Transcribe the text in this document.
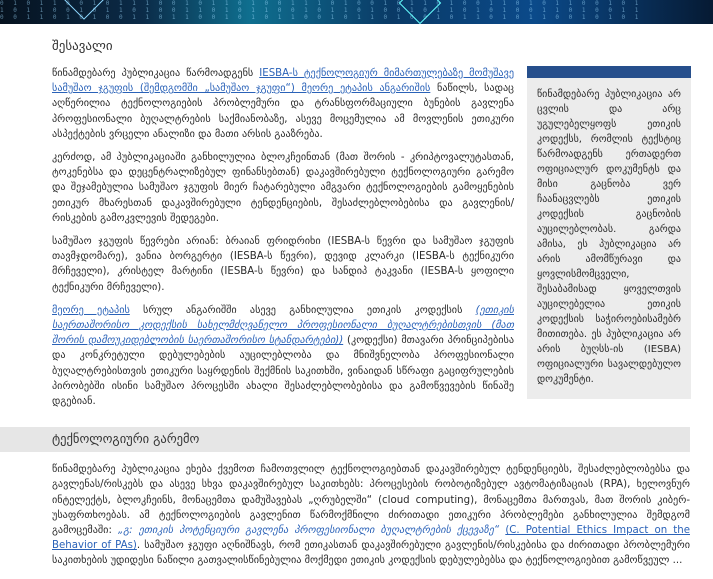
0 1 0 1 1 0 0 1 0 1 1 1 0 0 1 0 1 1 0 1 0 0 1 1 1 0 1 0 0 1 0 1 1 0 1 0 0 1 1 0 1 0 1 1 0 0 1 0 1
1 0 1 1 0 0 1 0 1 1 0 1 0 0 1 1 0 1 0 1 1 0 0 1 0 1 1 0 1 0 0 1 0 1 1 0 1 0 1 0 0 1 1 0 1 0 0 1 1
0 0 1 1 0 1 0 1 0 0 1 1 0 1 1 0 0 1 0 1 0 1 1 0 0 1 0 1 1 0 1 0 0 1 0 1 1 0 1 0 1 1 0 0 1 0 1 0 1
შესავალი

წინამდებარე პუბლიკაცია წარმოადგენს IESBA-ს ტექნოლოგიურ მიმართულებაზე მომუშავე სამუშაო ჯგუფის (შემდგომში „სამუშაო ჯგუფი“) მეორე ეტაპის ანგარიშის ნაწილს, სადაც აღწერილია ტექნოლოგიების პრობლემური და ტრანსფორმაციული ბუნების გავლენა პროფესიონალი ბუღალტრების საქმიანობაზე, ასევე მოცემულია ამ მოვლენის ეთიკური ასპექტების ვრცელი ანალიზი და მათი არსის გააზრება.

კერძოდ, ამ პუბლიკაციაში განხილულია ბლოკჩეინთან (მათ შორის - კრიპტოვალუტასთან, ტოკენებსა და დეცენტრალიზებულ ფინანსებთან) დაკავშირებული ტექნოლოგიური გარემო და შეჯამებულია სამუშაო ჯგუფის მიერ ჩატარებული ამგვარი ტექნოლოგიების გამოყენების ეთიკურ მხარესთან დაკავშირებული ტენდენციების, შესაძლებლობებისა და გავლენის/რისკების გამოკვლევის შედეგები.

სამუშაო ჯგუფის წევრები არიან: ბრაიან ფრიდრიხი (IESBA-ს წევრი და სამუშაო ჯგუფის თავმჯდომარე), ვანია ბორგერტი (IESBA-ს წევრი), დევიდ კლარკი (IESBA-ს ტექნიკური მრჩეველი), კრისტელ მარტინი (IESBA-ს წევრი) და სანდიპ ტაკვანი (IESBA-ს ყოფილი ტექნიკური მრჩეველი).

მეორე ეტაპის სრულ ანგარიშში ასევე განხილულია ეთიკის კოდექსის (ეთიკის საერთაშორისო კოდექსის სახელმძღვანელო პროფესიონალი ბუღალტრებისთვის (მათ შორის დამოუკიდებლობის საერთაშორისო სტანდარტები)) (კოდექსი) მთავარი პრინციპებისა და კონკრეტული დებულებების აუცილებლობა და მნიშვნელობა პროფესიონალი ბუღალტრებისთვის ეთიკური საყრდენის შექმნის საკითხში, ვინაიდან სწრაფი გაციფრულების პირობებში ისინი სამუშაო პროცესში ახალი შესაძლებლობებისა და გამოწვევების წინაშე დგებიან.

წინამდებარე პუბლიკაცია არ ცვლის და არც უგულებელყოფს ეთიკის კოდექსს, რომლის ტექსტიც წარმოადგენს ერთადერთ ოფიციალურ დოკუმენტს და მისი გაცნობა ვერ ჩაანაცვლებს ეთიკის კოდექსის გაცნობის აუცილებლობას. გარდა ამისა, ეს პუბლიკაცია არ არის ამომწურავი და ყოვლისმომცველი, შესაბამისად ყოველთვის აუცილებელია ეთიკის კოდექსის საჭიროებისამებრ მითითება. ეს პუბლიკაცია არ არის ბუღსს-ის (IESBA) ოფიციალური სავალდებულო დოკუმენტი.
ტექნოლოგიური გარემო

წინამდებარე პუბლიკაცია ეხება ქვემოთ ჩამოთვლილ ტექნოლოგიებთან დაკავშირებულ ტენდენციებს, შესაძლებლობებსა და გავლენას/რისკებს და ასევე სხვა დაკავშირებულ საკითხებს: პროცესების რობოტიზებულ ავტომატიზაციას (RPA), ხელოვნურ ინტელექტს, ბლოკჩეინს, მონაცემთა დამუშავებას „ღრუბელში“ (cloud computing), მონაცემთა მართვას, მათ შორის კიბერ-უსაფრთხოებას. ამ ტექნოლოგიების გავლენით წარმოქმნილი ძირითადი ეთიკური პრობლემები განხილულია შემდგომ გამოცემაში: „გ: ეთიკის პოტენციური გავლენა პროფესიონალი ბუღალტრების ქცევაზე“ (C. Potential Ethics Impact on the Behavior of PAs). სამუშაო ჯგუფი აღნიშნავს, რომ ეთიკასთან დაკავშირებული გავლენის/რისკებისა და ძირითადი პრობლემური საკითხების უდიდესი ნაწილი გათვალისწინებულია მოქმედი ეთიკის კოდექსის დებულებებსა და ტექნოლოგიებით გამოწვეულ ...
